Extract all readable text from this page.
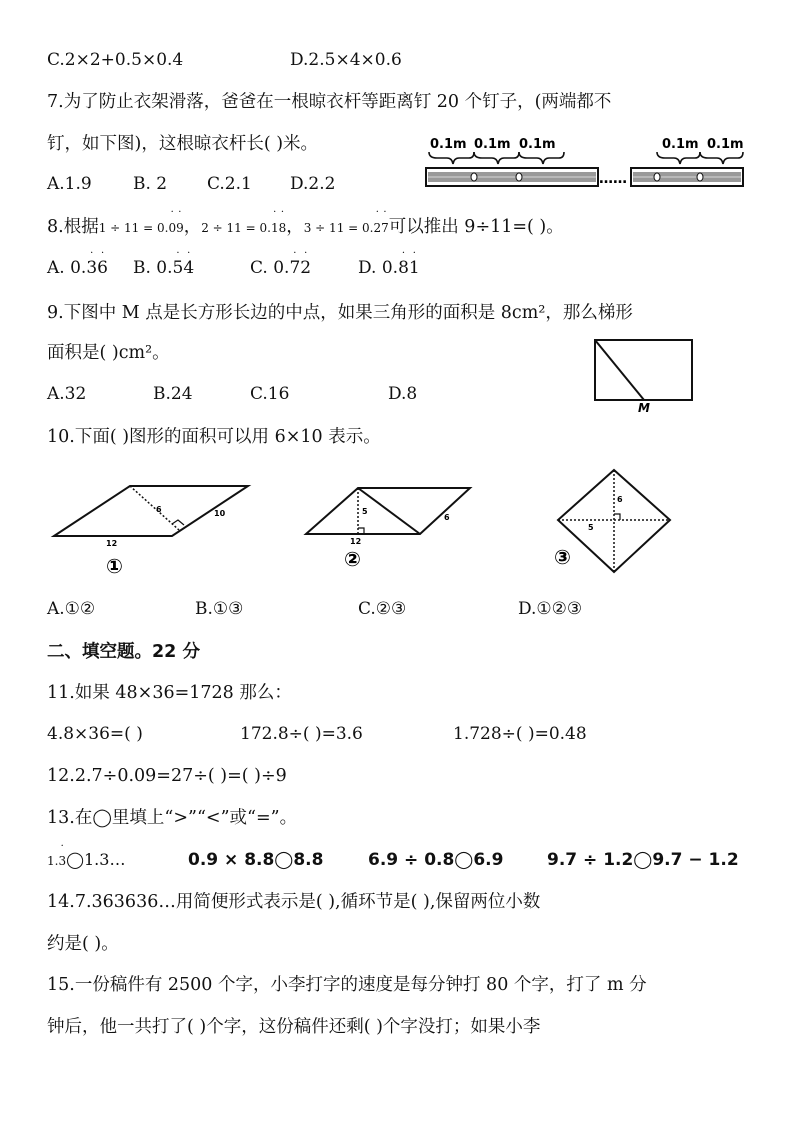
C.2×2+0.5×0.4	D.2.5×4×0.6
7.为了防止衣架滑落，爸爸在一根晾衣杆等距离钉 20 个钉子，(两端都不
钉，如下图)，这根晾衣杆长( )米。
A.1.9 B. 2 C.2.1 D.2.2
0.1m 0.1m 0.1m	0.1m 0.1m
……
8.根据1 ÷ 11 = 0.0
·
9
·
，2 ÷ 11 = 0.1
·
8
·
，3 ÷ 11 = 0.2
·
7
·
可以推出 9÷11=( )。
A. 0.3
·
6
·
B. 0.5
·
4
·
C. 0.7
·
2
·
D. 0.8
·
1
·
9.下图中 M 点是长方形长边的中点，如果三角形的面积是 8cm²，那么梯形
面积是( )cm²。
A.32	B.24	C.16	D.8
M
10.下面( )图形的面积可以用 6×10 表示。
6	10
12
①
5
6
12
②
6
5
③
A.①②	B.①③	C.②③	D.①②③
二、填空题。22 分
11.如果 48×36=1728 那么：
4.8×36=( )	172.8÷( )=3.6	1.728÷( )=0.48
12.2.7÷0.09=27÷( )=( )÷9
13.在◯里填上“>”“<”或“=”。
1.3
·
◯1.3…	0.9 × 8.8◯8.8	6.9 ÷ 0.8◯6.9	9.7 ÷ 1.2◯9.7 − 1.2
14.7.363636…用简便形式表示是( ),循环节是( ),保留两位小数
约是( )。
15.一份稿件有 2500 个字，小李打字的速度是每分钟打 80 个字，打了 m 分
钟后，他一共打了( )个字，这份稿件还剩( )个字没打；如果小李
